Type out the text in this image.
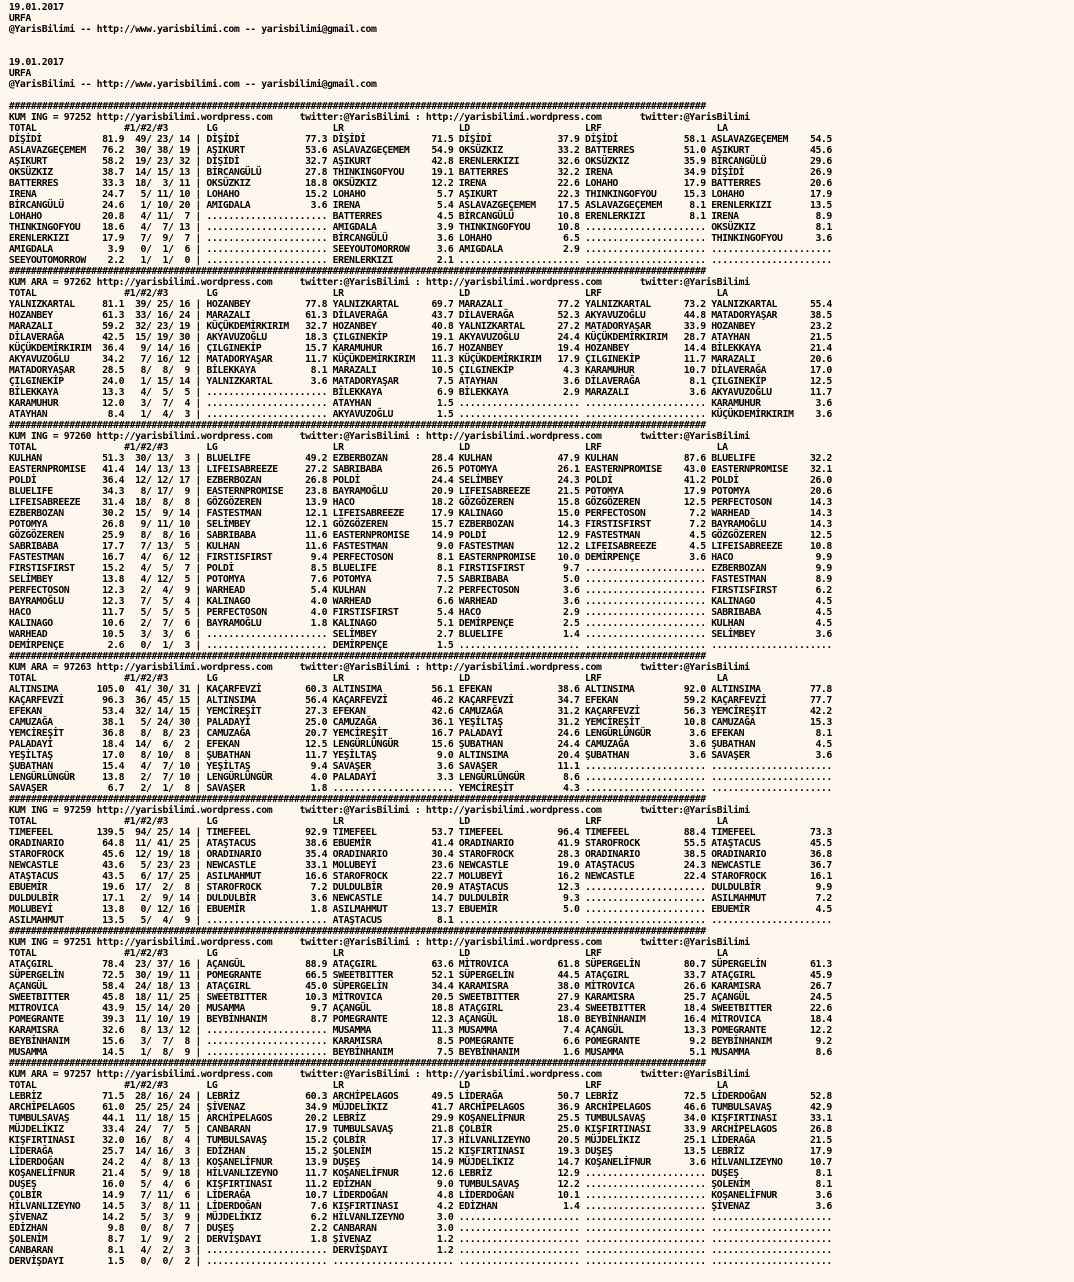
19.01.2017
URFA
@YarisBilimi -- http://www.yarisbilimi.com -- yarisbilimi@gmail.com
19.01.2017
URFA
@YarisBilimi -- http://www.yarisbilimi.com -- yarisbilimi@gmail.com
###############################################################################################################################
KUM ING = 97252 http://yarisbilimi.wordpress.com     twitter:@YarisBilimi : http://yarisbilimi.wordpress.com       twitter:@YarisBilimi
TOTAL                #1/#2/#3       LG                     LR                     LD                     LRF                     LA
DİŞİDİ           81.9  49/ 23/ 14 | DİŞİDİ            77.3 DİŞİDİ            71.5 DİŞİDİ            37.9 DİŞİDİ            58.1 ASLAVAZGEÇEMEM    54.5
ASLAVAZGEÇEMEM   76.2  30/ 38/ 19 | AŞIKURT           53.6 ASLAVAZGEÇEMEM    54.9 OKSÜZKIZ          33.2 BATTERRES         51.0 AŞIKURT           45.6
AŞIKURT          58.2  19/ 23/ 32 | DİŞİDİ            32.7 AŞIKURT           42.8 ERENLERKIZI       32.6 OKSÜZKIZ          35.9 BİRCANGÜLÜ        29.6
OKSÜZKIZ         38.7  14/ 15/ 13 | BİRCANGÜLÜ        27.8 THINKINGOFYOU     19.1 BATTERRES         32.2 IRENA             34.9 DİŞİDİ            26.9
BATTERRES        33.3  18/  3/ 11 | OKSÜZKIZ          18.8 OKSÜZKIZ          12.2 IRENA             22.6 LOHAHO            17.9 BATTERRES         20.6
IRENA            24.7   5/ 11/ 10 | LOHAHO            15.2 LOHAHO             5.7 AŞIKURT           22.3 THINKINGOFYOU     15.3 LOHAHO            17.9
BİRCANGÜLÜ       24.6   1/ 10/ 20 | AMIGDALA           3.6 IRENA              5.4 ASLAVAZGEÇEMEM    17.5 ASLAVAZGEÇEMEM     8.1 ERENLERKIZI       13.5
LOHAHO           20.8   4/ 11/  7 | ...................... BATTERRES          4.5 BİRCANGÜLÜ        10.8 ERENLERKIZI        8.1 IRENA              8.9
THINKINGOFYOU    18.6   4/  7/ 13 | ...................... AMIGDALA           3.9 THINKINGOFYOU     10.8 ...................... OKSÜZKIZ           8.1
ERENLERKIZI      17.9   7/  9/  7 | ...................... BİRCANGÜLÜ         3.6 LOHAHO             6.5 ...................... THINKINGOFYOU      3.6
AMIGDALA          3.9   0/  1/  6 | ...................... SEEYOUTOMORROW     3.6 AMIGDALA           2.9 ...................... ......................
SEEYOUTOMORROW    2.2   1/  1/  0 | ...................... ERENLERKIZI        2.1 ...................... ...................... ......................
###############################################################################################################################
KUM ARA = 97262 http://yarisbilimi.wordpress.com     twitter:@YarisBilimi : http://yarisbilimi.wordpress.com       twitter:@YarisBilimi
TOTAL                #1/#2/#3       LG                     LR                     LD                     LRF                     LA
YALNIZKARTAL     81.1  39/ 25/ 16 | HOZANBEY          77.8 YALNIZKARTAL      69.7 MARAZALI          77.2 YALNIZKARTAL      73.2 YALNIZKARTAL      55.4
HOZANBEY         61.3  33/ 16/ 24 | MARAZALI          61.3 DİLAVERAĞA        43.7 DİLAVERAĞA        52.3 AKYAVUZOĞLU       44.8 MATADORYAŞAR      38.5
MARAZALI         59.2  32/ 23/ 19 | KÜÇÜKDEMİRKIRIM   32.7 HOZANBEY          40.8 YALNIZKARTAL      27.2 MATADORYAŞAR      33.9 HOZANBEY          23.2
DİLAVERAĞA       42.5  15/ 19/ 30 | AKYAVUZOĞLU       18.3 ÇILGINEKİP        19.1 AKYAVUZOĞLU       24.4 KÜÇÜKDEMİRKIRIM   28.7 ATAYHAN           21.5
KÜÇÜKDEMİRKIRIM  36.4   9/ 14/ 16 | ÇILGINEKİP        15.7 KARAMUHUR         16.7 HOZANBEY          19.4 HOZANBEY          14.4 BİLEKKAYA         21.4
AKYAVUZOĞLU      34.2   7/ 16/ 12 | MATADORYAŞAR      11.7 KÜÇÜKDEMİRKIRIM   11.3 KÜÇÜKDEMİRKIRIM   17.9 ÇILGINEKİP        11.7 MARAZALI          20.6
MATADORYAŞAR     28.5   8/  8/  9 | BİLEKKAYA          8.1 MARAZALI          10.5 ÇILGINEKİP         4.3 KARAMUHUR         10.7 DİLAVERAĞA        17.0
ÇILGINEKİP       24.0   1/ 15/ 14 | YALNIZKARTAL       3.6 MATADORYAŞAR       7.5 ATAYHAN            3.6 DİLAVERAĞA         8.1 ÇILGINEKİP        12.5
BİLEKKAYA        13.3   4/  5/  5 | ...................... BİLEKKAYA          6.9 BİLEKKAYA          2.9 MARAZALI           3.6 AKYAVUZOĞLU       11.7
KARAMUHUR        12.0   3/  7/  4 | ...................... ATAYHAN            1.5 ...................... ...................... KARAMUHUR          3.6
ATAYHAN           8.4   1/  4/  3 | ...................... AKYAVUZOĞLU        1.5 ...................... ...................... KÜÇÜKDEMİRKIRIM    3.6
###############################################################################################################################
KUM ING = 97260 http://yarisbilimi.wordpress.com     twitter:@YarisBilimi : http://yarisbilimi.wordpress.com       twitter:@YarisBilimi
TOTAL                #1/#2/#3       LG                     LR                     LD                     LRF                     LA
KULHAN           51.3  30/ 13/  3 | BLUELIFE          49.2 EZBERBOZAN        28.4 KULHAN            47.9 KULHAN            87.6 BLUELIFE          32.2
EASTERNPROMISE   41.4  14/ 13/ 13 | LIFEISABREEZE     27.2 SABRIBABA         26.5 POTOMYA           26.1 EASTERNPROMISE    43.0 EASTERNPROMISE    32.1
POLDİ            36.4  12/ 12/ 17 | EZBERBOZAN        26.8 POLDİ             24.4 SELİMBEY          24.3 POLDİ             41.2 POLDİ             26.0
BLUELIFE         34.3   8/ 17/  9 | EASTERNPROMISE    23.8 BAYRAMOĞLU        20.9 LIFEISABREEZE     21.5 POTOMYA           17.9 POTOMYA           20.6
LIFEISABREEZE    31.4  18/  8/  8 | GÖZGÖZEREN        13.9 HACO              18.2 GÖZGÖZEREN        15.8 GÖZGÖZEREN        12.5 PERFECTOSON       14.3
EZBERBOZAN       30.2  15/  9/ 14 | FASTESTMAN        12.1 LIFEISABREEZE     17.9 KALINAGO          15.0 PERFECTOSON        7.2 WARHEAD           14.3
POTOMYA          26.8   9/ 11/ 10 | SELİMBEY          12.1 GÖZGÖZEREN        15.7 EZBERBOZAN        14.3 FIRSTISFIRST       7.2 BAYRAMOĞLU        14.3
GÖZGÖZEREN       25.9   8/  8/ 16 | SABRIBABA         11.6 EASTERNPROMISE    14.9 POLDİ             12.9 FASTESTMAN         4.5 GÖZGÖZEREN        12.5
SABRIBABA        17.7   7/ 13/  5 | KULHAN            11.6 FASTESTMAN         9.0 FASTESTMAN        12.2 LIFEISABREEZE      4.5 LIFEISABREEZE     10.8
FASTESTMAN       16.7   4/  6/ 12 | FIRSTISFIRST       9.4 PERFECTOSON        8.1 EASTERNPROMISE    10.0 DEMİRPENÇE         3.6 HACO               9.9
FIRSTISFIRST     15.2   4/  5/  7 | POLDİ              8.5 BLUELIFE           8.1 FIRSTISFIRST       9.7 ...................... EZBERBOZAN         9.9
SELİMBEY         13.8   4/ 12/  5 | POTOMYA            7.6 POTOMYA            7.5 SABRIBABA          5.0 ...................... FASTESTMAN         8.9
PERFECTOSON      12.3   2/  4/  9 | WARHEAD            5.4 KULHAN             7.2 PERFECTOSON        3.6 ...................... FIRSTISFIRST       6.2
BAYRAMOĞLU       12.3   7/  5/  4 | KALINAGO           4.0 WARHEAD            6.6 WARHEAD            3.6 ...................... KALINAGO           4.5
HACO             11.7   5/  5/  5 | PERFECTOSON        4.0 FIRSTISFIRST       5.4 HACO               2.9 ...................... SABRIBABA          4.5
KALINAGO         10.6   2/  7/  6 | BAYRAMOĞLU         1.8 KALINAGO           5.1 DEMİRPENÇE         2.5 ...................... KULHAN             4.5
WARHEAD          10.5   3/  3/  6 | ...................... SELİMBEY           2.7 BLUELIFE           1.4 ...................... SELİMBEY           3.6
DEMİRPENÇE        2.6   0/  1/  3 | ...................... DEMİRPENÇE         1.5 ...................... ...................... ......................
###############################################################################################################################
KUM ARA = 97263 http://yarisbilimi.wordpress.com     twitter:@YarisBilimi : http://yarisbilimi.wordpress.com       twitter:@YarisBilimi
TOTAL                #1/#2/#3       LG                     LR                     LD                     LRF                     LA
ALTINSIMA       105.0  41/ 30/ 31 | KAÇARFEVZİ        60.3 ALTINSIMA         56.1 EFEKAN            38.6 ALTINSIMA         92.0 ALTINSIMA         77.8
KAÇARFEVZİ       96.3  36/ 45/ 15 | ALTINSIMA         56.4 KAÇARFEVZİ        46.2 KAÇARFEVZİ        34.7 EFEKAN            59.2 KAÇARFEVZİ        77.7
EFEKAN           53.4  32/ 14/ 15 | YEMCİREŞİT        27.3 EFEKAN            42.6 CAMUZAĞA          31.2 KAÇARFEVZİ        56.3 YEMCİREŞİT        42.2
CAMUZAĞA         38.1   5/ 24/ 30 | PALADAYİ          25.0 CAMUZAĞA          36.1 YEŞİLTAŞ          31.2 YEMCİREŞİT        10.8 CAMUZAĞA          15.3
YEMCİREŞİT       36.8   8/  8/ 23 | CAMUZAĞA          20.7 YEMCİREŞİT        16.7 PALADAYİ          24.6 LENGÜRLÜNGÜR       3.6 EFEKAN             8.1
PALADAYİ         18.4  14/  6/  2 | EFEKAN            12.5 LENGÜRLÜNGÜR      15.6 ŞUBATHAN          24.4 CAMUZAĞA           3.6 ŞUBATHAN           4.5
YEŞİLTAŞ         17.0   8/ 10/  8 | ŞUBATHAN          11.7 YEŞİLTAŞ           9.0 ALTINSIMA         20.4 ŞUBATHAN           3.6 SAVAŞER            3.6
ŞUBATHAN         15.4   4/  7/ 10 | YEŞİLTAŞ           9.4 SAVAŞER            3.6 SAVAŞER           11.1 ...................... ......................
LENGÜRLÜNGÜR     13.8   2/  7/ 10 | LENGÜRLÜNGÜR       4.0 PALADAYİ           3.3 LENGÜRLÜNGÜR       8.6 ...................... ......................
SAVAŞER           6.7   2/  1/  8 | SAVAŞER            1.8 ...................... YEMCİREŞİT         4.3 ...................... ......................
###############################################################################################################################
KUM ING = 97259 http://yarisbilimi.wordpress.com     twitter:@YarisBilimi : http://yarisbilimi.wordpress.com       twitter:@YarisBilimi
TOTAL                #1/#2/#3       LG                     LR                     LD                     LRF                     LA
TIMEFEEL        139.5  94/ 25/ 14 | TIMEFEEL          92.9 TIMEFEEL          53.7 TIMEFEEL          96.4 TIMEFEEL          88.4 TIMEFEEL          73.3
ORADINARIO       64.8  11/ 41/ 25 | ATAŞTACUS         38.6 EBUEMİR           41.4 ORADINARIO        41.9 STAROFROCK        55.5 ATAŞTACUS         45.5
STAROFROCK       45.6  12/ 19/ 18 | ORADINARIO        35.4 ORADINARIO        30.4 STAROFROCK        28.3 ORADINARIO        38.5 ORADINARIO        36.8
NEWCASTLE        43.6   5/ 23/ 23 | NEWCASTLE         33.1 MOLUBEYİ          23.6 NEWCASTLE         19.0 ATAŞTACUS         24.3 NEWCASTLE         36.7
ATAŞTACUS        43.5   6/ 17/ 25 | ASILMAHMUT        16.6 STAROFROCK        22.7 MOLUBEYİ          16.2 NEWCASTLE         22.4 STAROFROCK        16.1
EBUEMİR          19.6  17/  2/  8 | STAROFROCK         7.2 DULDULBİR         20.9 ATAŞTACUS         12.3 ...................... DULDULBİR          9.9
DULDULBİR        17.1   2/  9/ 14 | DULDULBİR          3.6 NEWCASTLE         14.7 DULDULBİR          9.3 ...................... ASILMAHMUT         7.2
MOLUBEYİ         13.8   0/ 12/ 16 | EBUEMİR            1.8 ASILMAHMUT        13.7 EBUEMİR            5.0 ...................... EBUEMİR            4.5
ASILMAHMUT       13.5   5/  4/  9 | ...................... ATAŞTACUS          8.1 ...................... ...................... ......................
###############################################################################################################################
KUM ING = 97251 http://yarisbilimi.wordpress.com     twitter:@YarisBilimi : http://yarisbilimi.wordpress.com       twitter:@YarisBilimi
TOTAL                #1/#2/#3       LG                     LR                     LD                     LRF                     LA
ATAÇGIRL         78.4  23/ 37/ 16 | AÇANGÜL           88.9 ATAÇGIRL          63.6 MİTROVICA         61.8 SÜPERGELİN        80.7 SÜPERGELİN        61.3
SÜPERGELİN       72.5  30/ 19/ 11 | POMEGRANTE        66.5 SWEETBITTER       52.1 SÜPERGELİN        44.5 ATAÇGIRL          33.7 ATAÇGIRL          45.9
AÇANGÜL          58.4  24/ 18/ 13 | ATAÇGIRL          45.0 SÜPERGELİN        34.4 KARAMISRA         38.0 MİTROVICA         26.6 KARAMISRA         26.7
SWEETBITTER      45.8  18/ 11/ 25 | SWEETBITTER       10.3 MİTROVICA         20.5 SWEETBITTER       27.9 KARAMISRA         25.7 AÇANGÜL           24.5
MITROVICA        43.9  15/ 14/ 20 | MUSAMMA            9.7 AÇANGÜL           18.8 ATAÇGIRL          23.4 SWEETBITTER       18.4 SWEETBITTER       22.6
POMEGRANTE       39.3  11/ 10/ 19 | BEYBİNHANIM        8.7 POMEGRANTE        12.3 AÇANGÜL           18.0 BEYBİNHANIM       16.4 MİTROVICA         18.4
KARAMISRA        32.6   8/ 13/ 12 | ...................... MUSAMMA           11.3 MUSAMMA            7.4 AÇANGÜL           13.3 POMEGRANTE        12.2
BEYBİNHANIM      15.6   3/  7/  8 | ...................... KARAMISRA          8.5 POMEGRANTE         6.6 POMEGRANTE         9.2 BEYBİNHANIM        9.2
MUSAMMA          14.5   1/  8/  9 | ...................... BEYBİNHANIM        7.5 BEYBİNHANIM        1.6 MUSAMMA            5.1 MUSAMMA            8.6
###############################################################################################################################
KUM ARA = 97257 http://yarisbilimi.wordpress.com     twitter:@YarisBilimi : http://yarisbilimi.wordpress.com       twitter:@YarisBilimi
TOTAL                #1/#2/#3       LG                     LR                     LD                     LRF                     LA
LEBRİZ           71.5  28/ 16/ 24 | LEBRİZ            60.3 ARCHİPELAGOS      49.5 LİDERAĞA          50.7 LEBRİZ            72.5 LİDERDOĞAN        52.8
ARCHİPELAGOS     61.0  25/ 25/ 24 | ŞİVENAZ           34.9 MÜJDELİKIZ        41.7 ARCHİPELAGOS      36.9 ARCHİPELAGOS      46.6 TUMBULSAVAŞ       42.9
TUMBULSAVAŞ      44.1  11/ 18/ 15 | ARCHİPELAGOS      20.2 LEBRİZ            29.9 KOŞANELİFNUR      25.5 TUMBULSAVAŞ       34.0 KIŞFIRTINASI      33.1
MÜJDELİKIZ       33.4  24/  7/  5 | CANBARAN          17.9 TUMBULSAVAŞ       21.8 ÇOLBİR            25.0 KIŞFIRTINASI      33.9 ARCHİPELAGOS      26.8
KIŞFIRTINASI     32.0  16/  8/  4 | TUMBULSAVAŞ       15.2 ÇOLBİR            17.3 HİLVANLIZEYNO     20.5 MÜJDELİKIZ        25.1 LİDERAĞA          21.5
LİDERAĞA         25.7  14/ 16/  3 | EDİZHAN           15.2 ŞOLENİM           15.2 KIŞFIRTINASI      19.3 DUŞEŞ             13.5 LEBRİZ            17.9
LİDERDOĞAN       24.2   4/  8/ 13 | KOŞANELİFNUR      13.9 DUŞEŞ             14.9 MÜJDELİKIZ        14.7 KOŞANELİFNUR       3.6 HİLVANLIZEYNO     10.7
KOŞANELİFNUR     21.4   5/  9/ 18 | HİLVANLIZEYNO     11.7 KOŞANELİFNUR      12.6 LEBRİZ            12.9 ...................... DUŞEŞ              8.1
DUŞEŞ            16.0   5/  4/  6 | KIŞFIRTINASI      11.2 EDİZHAN            9.0 TUMBULSAVAŞ       12.2 ...................... ŞOLENİM            8.1
ÇOLBİR           14.9   7/ 11/  6 | LİDERAĞA          10.7 LİDERDOĞAN         4.8 LİDERDOĞAN        10.1 ...................... KOŞANELİFNUR       3.6
HİLVANLIZEYNO    14.5   3/  8/ 11 | LİDERDOĞAN         7.6 KIŞFIRTINASI       4.2 EDİZHAN            1.4 ...................... ŞİVENAZ            3.6
ŞİVENAZ          14.2   5/  3/  9 | MÜJDELİKIZ         6.2 HİLVANLIZEYNO      3.0 ...................... ...................... ......................
EDİZHAN           9.8   0/  8/  7 | DUŞEŞ              2.2 CANBARAN           3.0 ...................... ...................... ......................
ŞOLENİM           8.7   1/  9/  2 | DERVİŞDAYI         1.8 ŞİVENAZ            1.2 ...................... ...................... ......................
CANBARAN          8.1   4/  2/  3 | ...................... DERVİŞDAYI         1.2 ...................... ...................... ......................
DERVİŞDAYI        1.5   0/  0/  2 | ...................... ...................... ...................... ...................... ......................
